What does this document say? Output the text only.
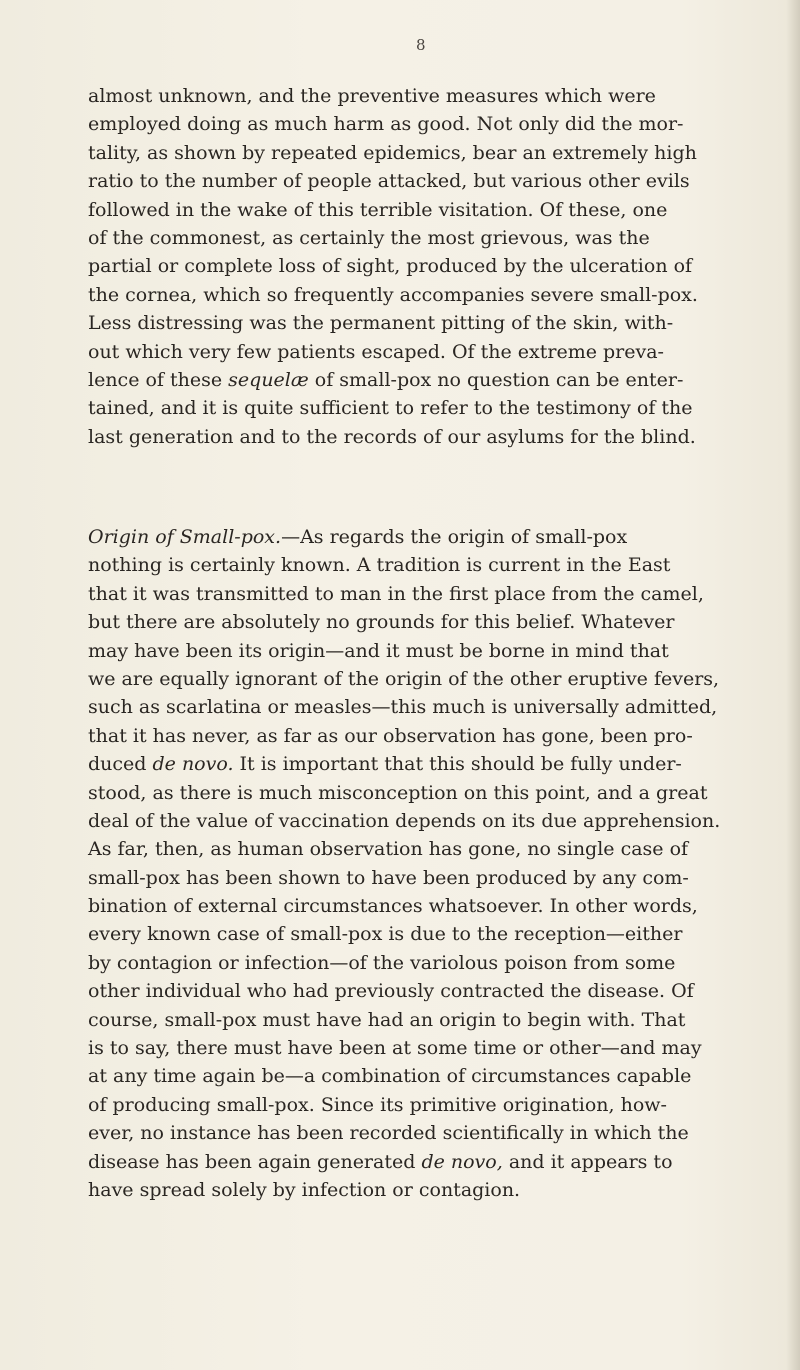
8
almost unknown, and the preventive measures which were
employed doing as much harm as good. Not only did the mor-
tality, as shown by repeated epidemics, bear an extremely high
ratio to the number of people attacked, but various other evils
followed in the wake of this terrible visitation. Of these, one
of the commonest, as certainly the most grievous, was the
partial or complete loss of sight, produced by the ulceration of
the cornea, which so frequently accompanies severe small-pox.
Less distressing was the permanent pitting of the skin, with-
out which very few patients escaped. Of the extreme preva-
lence of these sequelæ of small-pox no question can be enter-
tained, and it is quite sufficient to refer to the testimony of the
last generation and to the records of our asylums for the blind.
Origin of Small-pox.—As regards the origin of small-pox
nothing is certainly known. A tradition is current in the East
that it was transmitted to man in the first place from the camel,
but there are absolutely no grounds for this belief. Whatever
may have been its origin—and it must be borne in mind that
we are equally ignorant of the origin of the other eruptive fevers,
such as scarlatina or measles—this much is universally admitted,
that it has never, as far as our observation has gone, been pro-
duced de novo. It is important that this should be fully under-
stood, as there is much misconception on this point, and a great
deal of the value of vaccination depends on its due apprehension.
As far, then, as human observation has gone, no single case of
small-pox has been shown to have been produced by any com-
bination of external circumstances whatsoever. In other words,
every known case of small-pox is due to the reception—either
by contagion or infection—of the variolous poison from some
other individual who had previously contracted the disease. Of
course, small-pox must have had an origin to begin with. That
is to say, there must have been at some time or other—and may
at any time again be—a combination of circumstances capable
of producing small-pox. Since its primitive origination, how-
ever, no instance has been recorded scientifically in which the
disease has been again generated de novo, and it appears to
have spread solely by infection or contagion.
